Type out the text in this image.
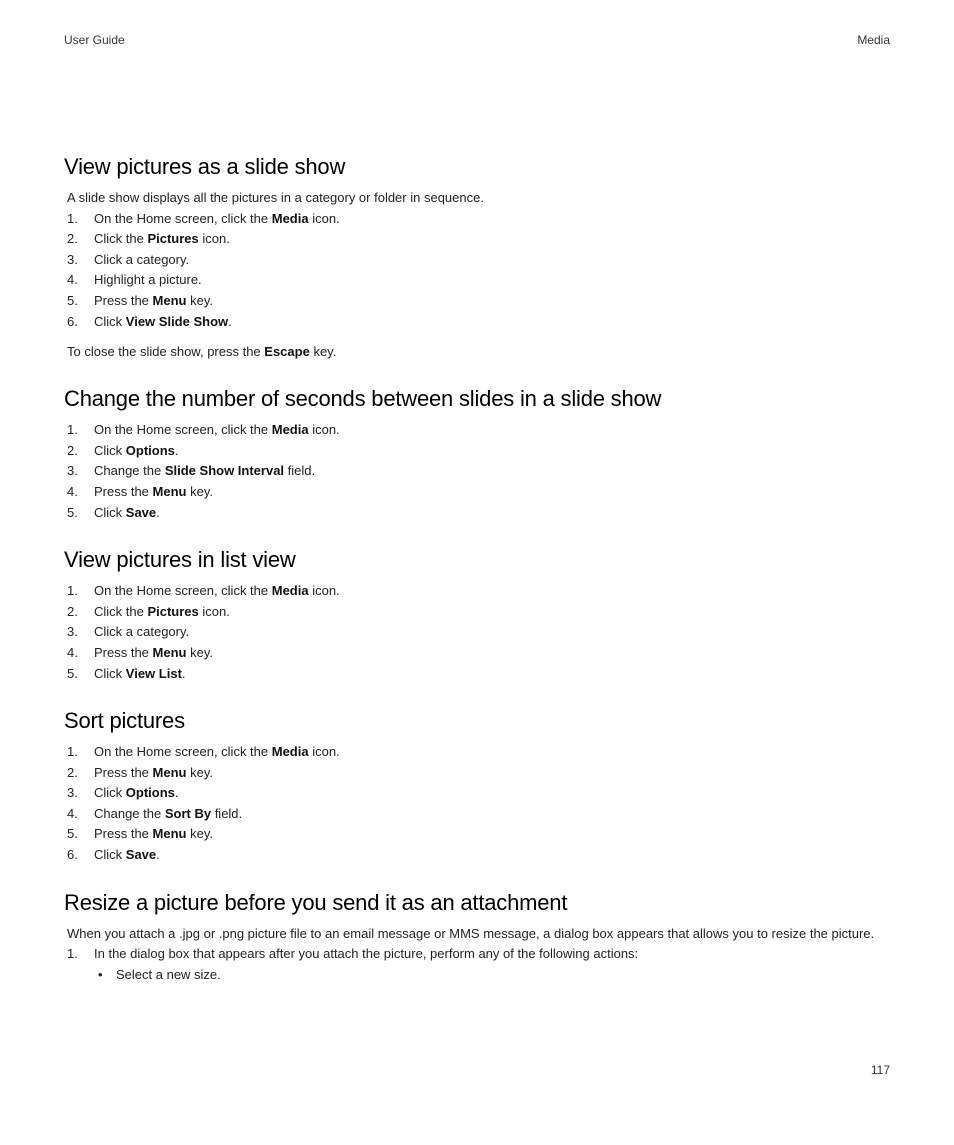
User Guide	Media
View pictures as a slide show

A slide show displays all the pictures in a category or folder in sequence.

1. On the Home screen, click the Media icon.
2. Click the Pictures icon.
3. Click a category.
4. Highlight a picture.
5. Press the Menu key.
6. Click View Slide Show.

To close the slide show, press the Escape key.

Change the number of seconds between slides in a slide show
1. On the Home screen, click the Media icon.
2. Click Options.
3. Change the Slide Show Interval field.
4. Press the Menu key.
5. Click Save.
View pictures in list view
1. On the Home screen, click the Media icon.
2. Click the Pictures icon.
3. Click a category.
4. Press the Menu key.
5. Click View List.
Sort pictures
1. On the Home screen, click the Media icon.
2. Press the Menu key.
3. Click Options.
4. Change the Sort By field.
5. Press the Menu key.
6. Click Save.
Resize a picture before you send it as an attachment

When you attach a .jpg or .png picture file to an email message or MMS message, a dialog box appears that allows you to resize the picture.

1. In the dialog box that appears after you attach the picture, perform any of the following actions:
• Select a new size.
117
